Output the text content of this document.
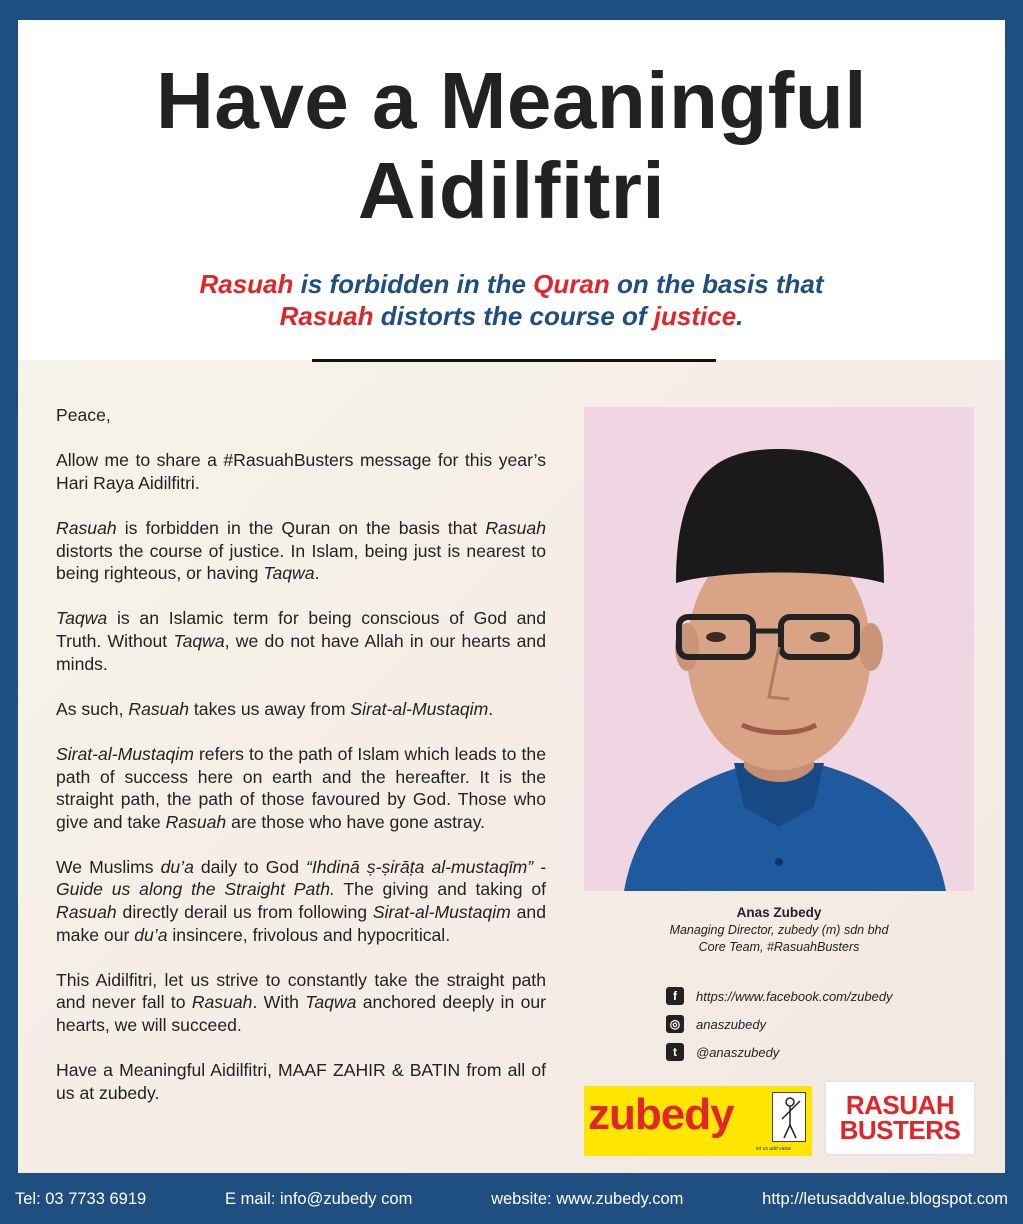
Have a Meaningful
Aidilfitri
Rasuah is forbidden in the Quran on the basis that
Rasuah distorts the course of justice.

Peace,

Allow me to share a #RasuahBusters message for this year’s Hari Raya Aidilfitri.

Rasuah is forbidden in the Quran on the basis that Rasuah distorts the course of justice. In Islam, being just is nearest to being righteous, or having Taqwa.

Taqwa is an Islamic term for being conscious of God and Truth. Without Taqwa, we do not have Allah in our hearts and minds.

As such, Rasuah takes us away from Sirat-al-Mustaqim.

Sirat-al-Mustaqim refers to the path of Islam which leads to the path of success here on earth and the hereafter. It is the straight path, the path of those favoured by God. Those who give and take Rasuah are those who have gone astray.

We Muslims du’a daily to God “Ihdinā ṣ-ṣirāṭa al-mustaqīm” - Guide us along the Straight Path. The giving and taking of Rasuah directly derail us from following Sirat-al-Mustaqim and make our du’a insincere, frivolous and hypocritical.

This Aidilfitri, let us strive to constantly take the straight path and never fall to Rasuah. With Taqwa anchored deeply in our hearts, we will succeed.

Have a Meaningful Aidilfitri, MAAF ZAHIR & BATIN from all of us at zubedy.

Anas Zubedy
Managing Director, zubedy (m) sdn bhd
Core Team, #RasuahBusters
f	https://www.facebook.com/zubedy
◎ anaszubedy
t	@anaszubedy
zubedy
let us add value
RASUAH
BUSTERS
Tel: 03 7733 6919	E mail: info@zubedy com	website: www.zubedy.com	http://letusaddvalue.blogspot.com
